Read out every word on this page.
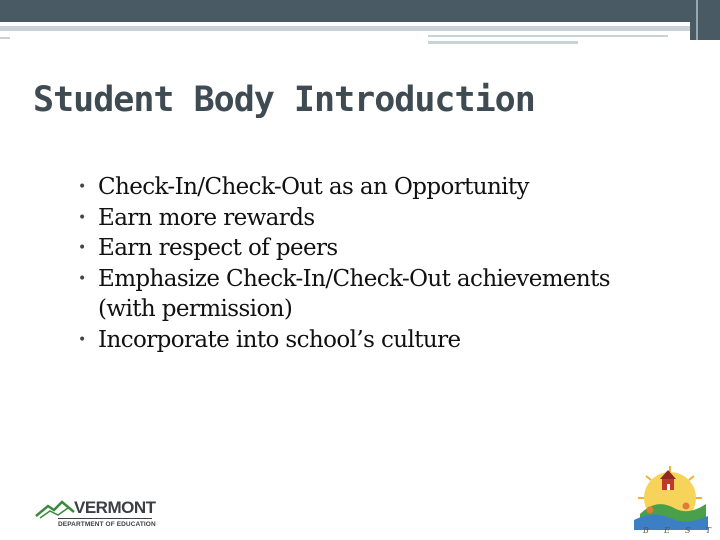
Student Body Introduction
• Check-In/Check-Out as an Opportunity
• Earn more rewards
• Earn respect of peers
• Emphasize Check-In/Check-Out achievements
(with permission)
• Incorporate into school’s culture
VERMONT
DEPARTMENT OF EDUCATION
B E S T
